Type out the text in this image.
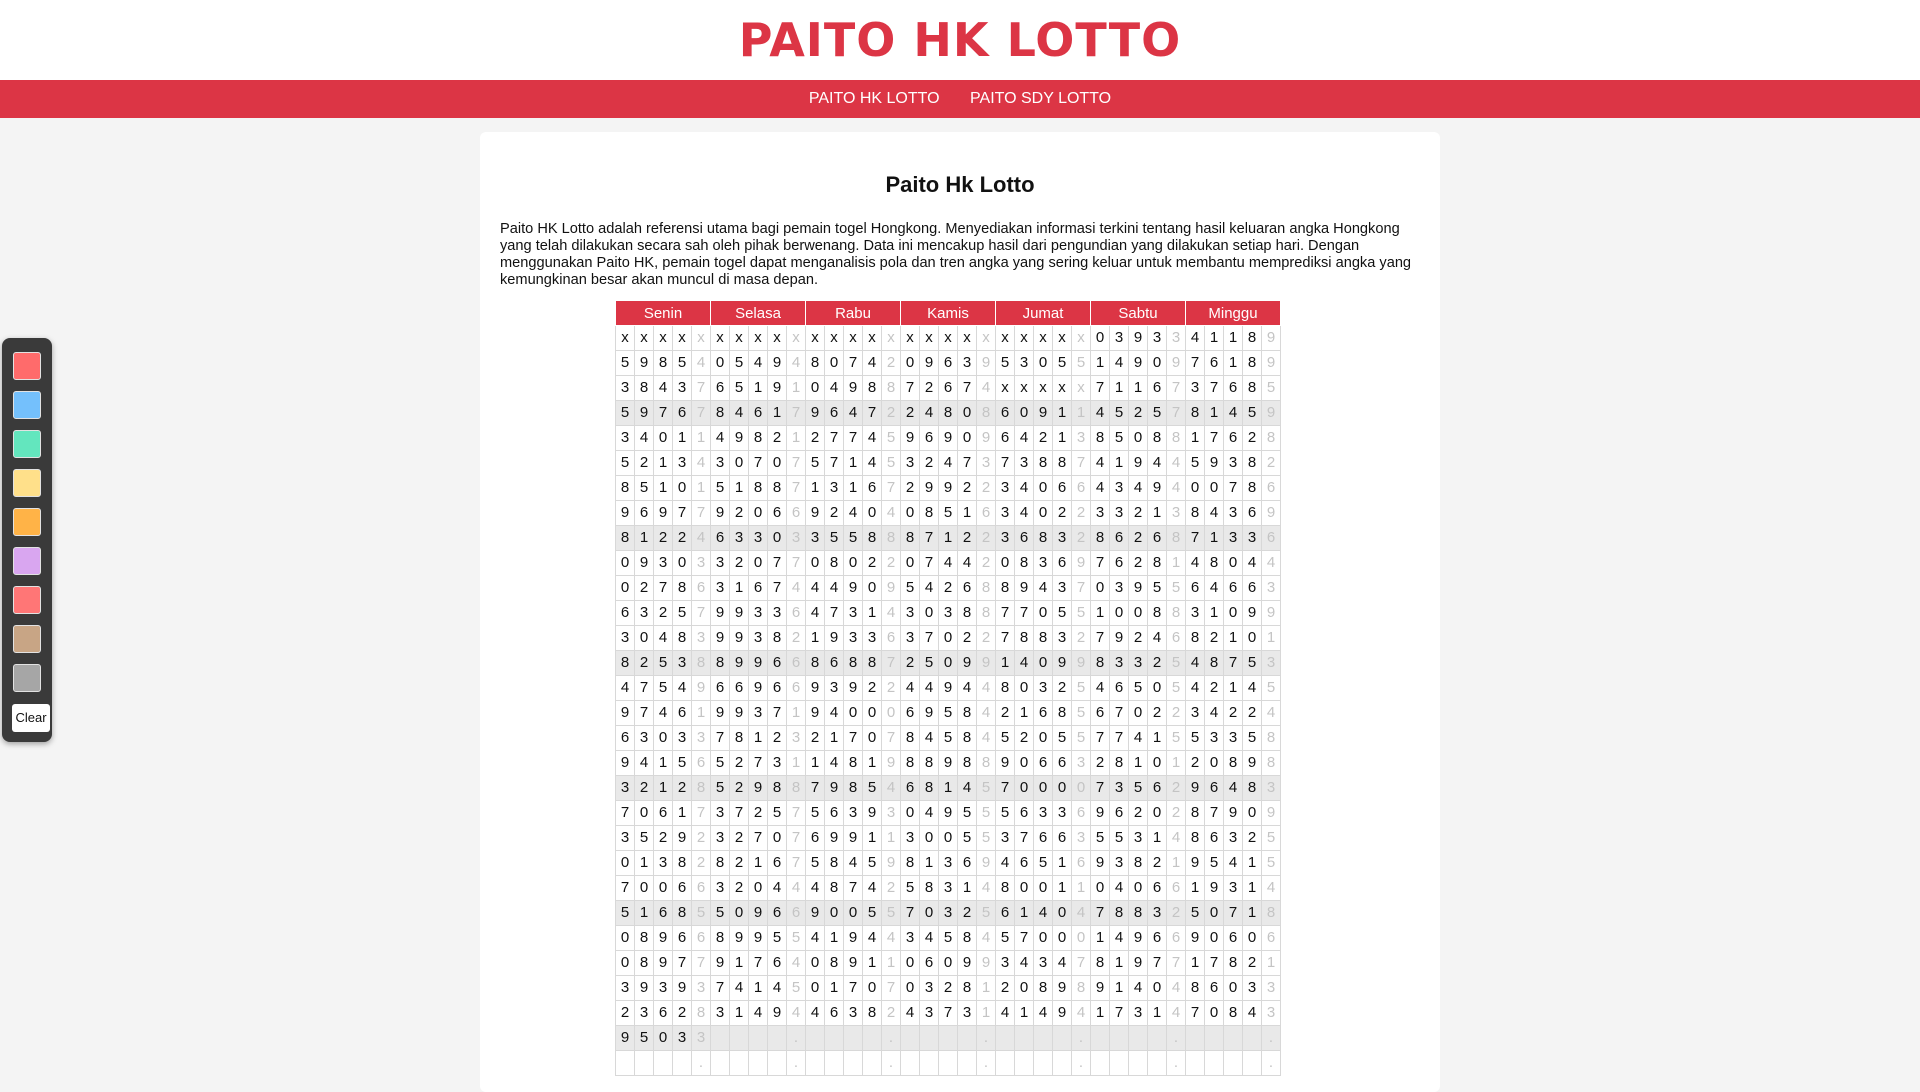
PAITO HK LOTTO
PAITO HK LOTTO PAITO SDY LOTTO
Paito Hk Lotto

Paito HK Lotto adalah referensi utama bagi pemain togel Hongkong. Menyediakan informasi terkini tentang hasil keluaran angka Hongkong yang telah dilakukan secara sah oleh pihak berwenang. Data ini mencakup hasil dari pengundian yang dilakukan setiap hari. Dengan menggunakan Paito HK, pemain togel dapat menganalisis pola dan tren angka yang sering keluar untuk membantu memprediksi angka yang kemungkinan besar akan muncul di masa depan.

Senin					Selasa					Rabu					Kamis					Jumat					Sabtu					Minggu				
x	x	x	x	x	x	x	x	x	x	x	x	x	x	x	x	x	x	x	x	x	x	x	x	x	0	3	9	3	3	4	1	1	8	9
5	9	8	5	4	0	5	4	9	4	8	0	7	4	2	0	9	6	3	9	5	3	0	5	5	1	4	9	0	9	7	6	1	8	9
3	8	4	3	7	6	5	1	9	1	0	4	9	8	8	7	2	6	7	4	x	x	x	x	x	7	1	1	6	7	3	7	6	8	5
5	9	7	6	7	8	4	6	1	7	9	6	4	7	2	2	4	8	0	8	6	0	9	1	1	4	5	2	5	7	8	1	4	5	9
3	4	0	1	1	4	9	8	2	1	2	7	7	4	5	9	6	9	0	9	6	4	2	1	3	8	5	0	8	8	1	7	6	2	8
5	2	1	3	4	3	0	7	0	7	5	7	1	4	5	3	2	4	7	3	7	3	8	8	7	4	1	9	4	4	5	9	3	8	2
8	5	1	0	1	5	1	8	8	7	1	3	1	6	7	2	9	9	2	2	3	4	0	6	6	4	3	4	9	4	0	0	7	8	6
9	6	9	7	7	9	2	0	6	6	9	2	4	0	4	0	8	5	1	6	3	4	0	2	2	3	3	2	1	3	8	4	3	6	9
8	1	2	2	4	6	3	3	0	3	3	5	5	8	8	8	7	1	2	2	3	6	8	3	2	8	6	2	6	8	7	1	3	3	6
0	9	3	0	3	3	2	0	7	7	0	8	0	2	2	0	7	4	4	2	0	8	3	6	9	7	6	2	8	1	4	8	0	4	4
0	2	7	8	6	3	1	6	7	4	4	4	9	0	9	5	4	2	6	8	8	9	4	3	7	0	3	9	5	5	6	4	6	6	3
6	3	2	5	7	9	9	3	3	6	4	7	3	1	4	3	0	3	8	8	7	7	0	5	5	1	0	0	8	8	3	1	0	9	9
3	0	4	8	3	9	9	3	8	2	1	9	3	3	6	3	7	0	2	2	7	8	8	3	2	7	9	2	4	6	8	2	1	0	1
8	2	5	3	8	8	9	9	6	6	8	6	8	8	7	2	5	0	9	9	1	4	0	9	9	8	3	3	2	5	4	8	7	5	3
4	7	5	4	9	6	6	9	6	6	9	3	9	2	2	4	4	9	4	4	8	0	3	2	5	4	6	5	0	5	4	2	1	4	5
9	7	4	6	1	9	9	3	7	1	9	4	0	0	0	6	9	5	8	4	2	1	6	8	5	6	7	0	2	2	3	4	2	2	4
6	3	0	3	3	7	8	1	2	3	2	1	7	0	7	8	4	5	8	4	5	2	0	5	5	7	7	4	1	5	5	3	3	5	8
9	4	1	5	6	5	2	7	3	1	1	4	8	1	9	8	8	9	8	8	9	0	6	6	3	2	8	1	0	1	2	0	8	9	8
3	2	1	2	8	5	2	9	8	8	7	9	8	5	4	6	8	1	4	5	7	0	0	0	0	7	3	5	6	2	9	6	4	8	3
7	0	6	1	7	3	7	2	5	7	5	6	3	9	3	0	4	9	5	5	5	6	3	3	6	9	6	2	0	2	8	7	9	0	9
3	5	2	9	2	3	2	7	0	7	6	9	9	1	1	3	0	0	5	5	3	7	6	6	3	5	5	3	1	4	8	6	3	2	5
0	1	3	8	2	8	2	1	6	7	5	8	4	5	9	8	1	3	6	9	4	6	5	1	6	9	3	8	2	1	9	5	4	1	5
7	0	0	6	6	3	2	0	4	4	4	8	7	4	2	5	8	3	1	4	8	0	0	1	1	0	4	0	6	6	1	9	3	1	4
5	1	6	8	5	5	0	9	6	6	9	0	0	5	5	7	0	3	2	5	6	1	4	0	4	7	8	8	3	2	5	0	7	1	8
0	8	9	6	6	8	9	9	5	5	4	1	9	4	4	3	4	5	8	4	5	7	0	0	0	1	4	9	6	6	9	0	6	0	6
0	8	9	7	7	9	1	7	6	4	0	8	9	1	1	0	6	0	9	9	3	4	3	4	7	8	1	9	7	7	1	7	8	2	1
3	9	3	9	3	7	4	1	4	5	0	1	7	0	7	0	3	2	8	1	2	0	8	9	8	9	1	4	0	4	8	6	0	3	3
2	3	6	2	8	3	1	4	9	4	4	6	3	8	2	4	3	7	3	1	4	1	4	9	4	1	7	3	1	4	7	0	8	4	3
9	5	0	3	3					.					.					.					.					.					.
				.					.					.					.					.					.					.
Clear
